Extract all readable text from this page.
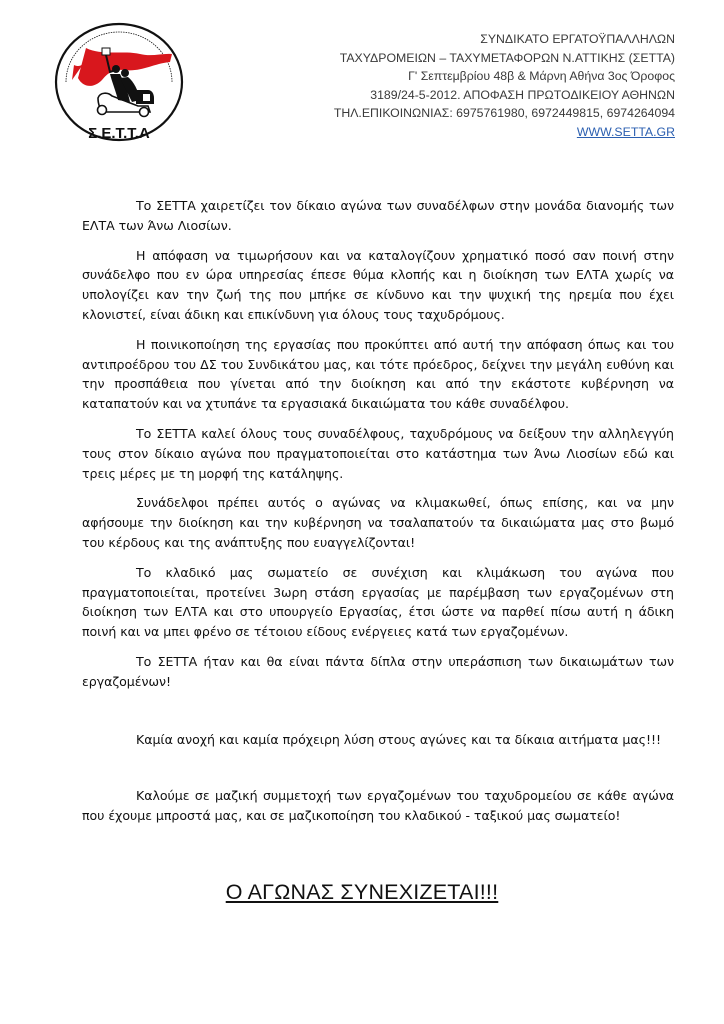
Σ.Ε.Τ.Τ.Α
ΣΥΝΔΙΚΑΤΟ ΕΡΓΑΤΟΫΠΑΛΛΗΛΩΝ
ΤΑΧΥΔΡΟΜΕΙΩΝ – ΤΑΧΥΜΕΤΑΦΟΡΩΝ Ν.ΑΤΤΙΚΗΣ (ΣΕΤΤΑ)
Γ' Σεπτεμβρίου 48β & Μάρνη Αθήνα 3ος Όροφος
3189/24-5-2012. ΑΠΟΦΑΣΗ ΠΡΩΤΟΔΙΚΕΙΟΥ ΑΘΗΝΩΝ
ΤΗΛ.ΕΠΙΚΟΙΝΩΝΙΑΣ: 6975761980, 6972449815, 6974264094
WWW.SETTA.GR

Το ΣΕΤΤΑ χαιρετίζει τον δίκαιο αγώνα των συναδέλφων στην μονάδα διανομής των ΕΛΤΑ των Άνω Λιοσίων.

Η απόφαση να τιμωρήσουν και να καταλογίζουν χρηματικό ποσό σαν ποινή στην συνάδελφο που εν ώρα υπηρεσίας έπεσε θύμα κλοπής και η διοίκηση των ΕΛΤΑ χωρίς να υπολογίζει καν την ζωή της που μπήκε σε κίνδυνο και την ψυχική της ηρεμία που έχει κλονιστεί, είναι άδικη και επικίνδυνη για όλους τους ταχυδρόμους.

Η ποινικοποίηση της εργασίας που προκύπτει από αυτή την απόφαση όπως και του αντιπροέδρου του ΔΣ του Συνδικάτου μας, και τότε πρόεδρος, δείχνει την μεγάλη ευθύνη και την προσπάθεια που γίνεται από την διοίκηση και από την εκάστοτε κυβέρνηση να καταπατούν και να χτυπάνε τα εργασιακά δικαιώματα του κάθε συναδέλφου.

Το ΣΕΤΤΑ καλεί όλους τους συναδέλφους, ταχυδρόμους να δείξουν την αλληλεγγύη τους στον δίκαιο αγώνα που πραγματοποιείται στο κατάστημα των Άνω Λιοσίων εδώ και τρεις μέρες με τη μορφή της κατάληψης.

Συνάδελφοι πρέπει αυτός ο αγώνας να κλιμακωθεί, όπως επίσης, και να μην αφήσουμε την διοίκηση και την κυβέρνηση να τσαλαπατούν τα δικαιώματα μας στο βωμό του κέρδους και της ανάπτυξης που ευαγγελίζονται!

Το κλαδικό μας σωματείο σε συνέχιση και κλιμάκωση του αγώνα που πραγματοποιείται, προτείνει 3ωρη στάση εργασίας με παρέμβαση των εργαζομένων στη διοίκηση των ΕΛΤΑ και στο υπουργείο Εργασίας, έτσι ώστε να παρθεί πίσω αυτή η άδικη ποινή και να μπει φρένο σε τέτοιου είδους ενέργειες κατά των εργαζομένων.

Το ΣΕΤΤΑ ήταν και θα είναι πάντα δίπλα στην υπεράσπιση των δικαιωμάτων των εργαζομένων!

Καμία ανοχή και καμία πρόχειρη λύση στους αγώνες και τα δίκαια αιτήματα μας!!!

Καλούμε σε μαζική συμμετοχή των εργαζομένων του ταχυδρομείου σε κάθε αγώνα που έχουμε μπροστά μας, και σε μαζικοποίηση του κλαδικού - ταξικού μας σωματείο!

Ο ΑΓΩΝΑΣ ΣΥΝΕΧΙΖΕΤΑΙ!!!
